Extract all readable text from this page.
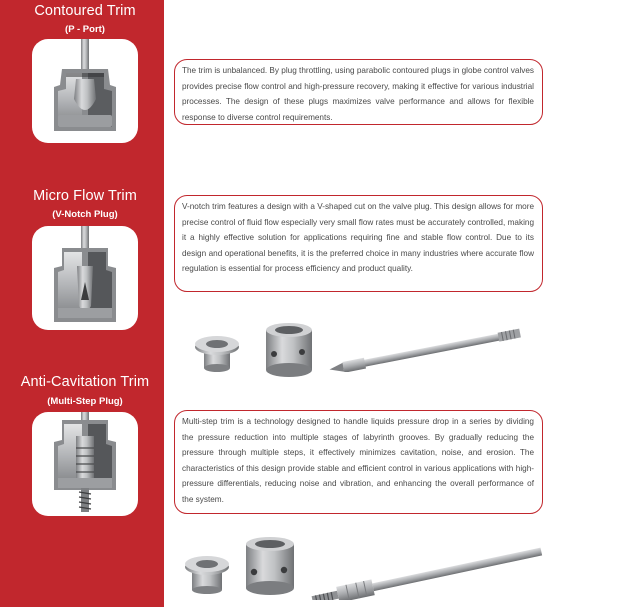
Contoured Trim
(P - Port)
The trim is unbalanced. By plug throttling, using parabolic contoured plugs in globe control valves provides precise flow control and high-pressure recovery, making it effective for various industrial processes. The design of these plugs maximizes valve performance and allows for flexible response to diverse control requirements.
Micro Flow Trim
(V-Notch Plug)
V-notch trim features a design with a V-shaped cut on the valve plug. This design allows for more precise control of fluid flow especially very small flow rates must be accurately controlled, making it a highly effective solution for applications requiring fine and stable flow control. Due to its design and operational benefits, it is the preferred choice in many industries where accurate flow regulation is essential for process efficiency and product quality.
Anti-Cavitation Trim
(Multi-Step Plug)
Multi-step trim is a technology designed to handle liquids pressure drop in a series by dividing the pressure reduction into multiple stages of labyrinth grooves. By gradually reducing the pressure through multiple steps, it effectively minimizes cavitation, noise, and erosion. The characteristics of this design provide stable and efficient control in various applications with high-pressure differentials, reducing noise and vibration, and enhancing the overall performance of the system.
